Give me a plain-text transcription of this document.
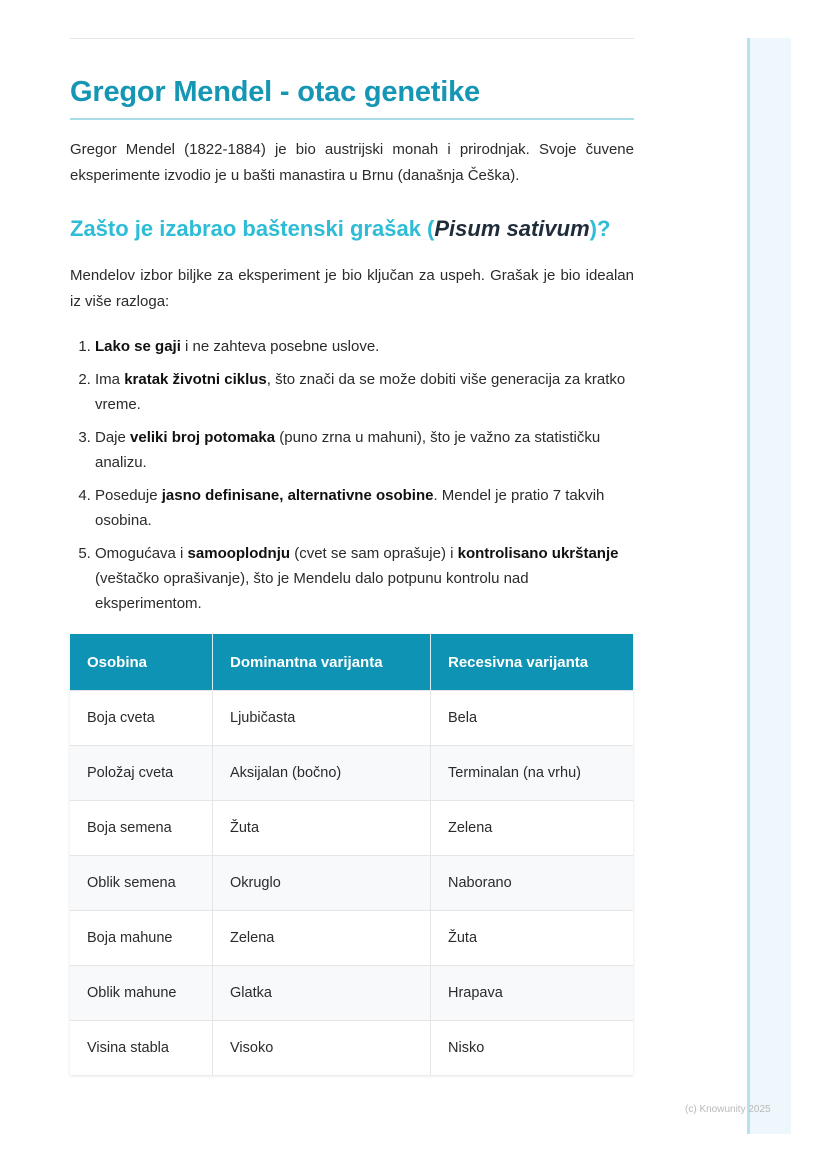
Gregor Mendel - otac genetike

Gregor Mendel (1822-1884) je bio austrijski monah i prirodnjak. Svoje čuvene eksperimente izvodio je u bašti manastira u Brnu (današnja Češka).

Zašto je izabrao baštenski grašak (Pisum sativum)?

Mendelov izbor biljke za eksperiment je bio ključan za uspeh. Grašak je bio idealan iz više razloga:

1. Lako se gaji i ne zahteva posebne uslove.
2. Ima kratak životni ciklus, što znači da se može dobiti više generacija za kratko vreme.
3. Daje veliki broj potomaka (puno zrna u mahuni), što je važno za statističku analizu.
4. Poseduje jasno definisane, alternativne osobine. Mendel je pratio 7 takvih osobina.
5. Omogućava i samooplodnju (cvet se sam oprašuje) i kontrolisano ukrštanje (veštačko oprašivanje), što je Mendelu dalo potpunu kontrolu nad eksperimentom.
Osobina	Dominantna varijanta	Recesivna varijanta
Boja cveta	Ljubičasta	Bela
Položaj cveta	Aksijalan (bočno)	Terminalan (na vrhu)
Boja semena	Žuta	Zelena
Oblik semena	Okruglo	Naborano
Boja mahune	Zelena	Žuta
Oblik mahune	Glatka	Hrapava
Visina stabla	Visoko	Nisko
(c) Knowunity 2025
